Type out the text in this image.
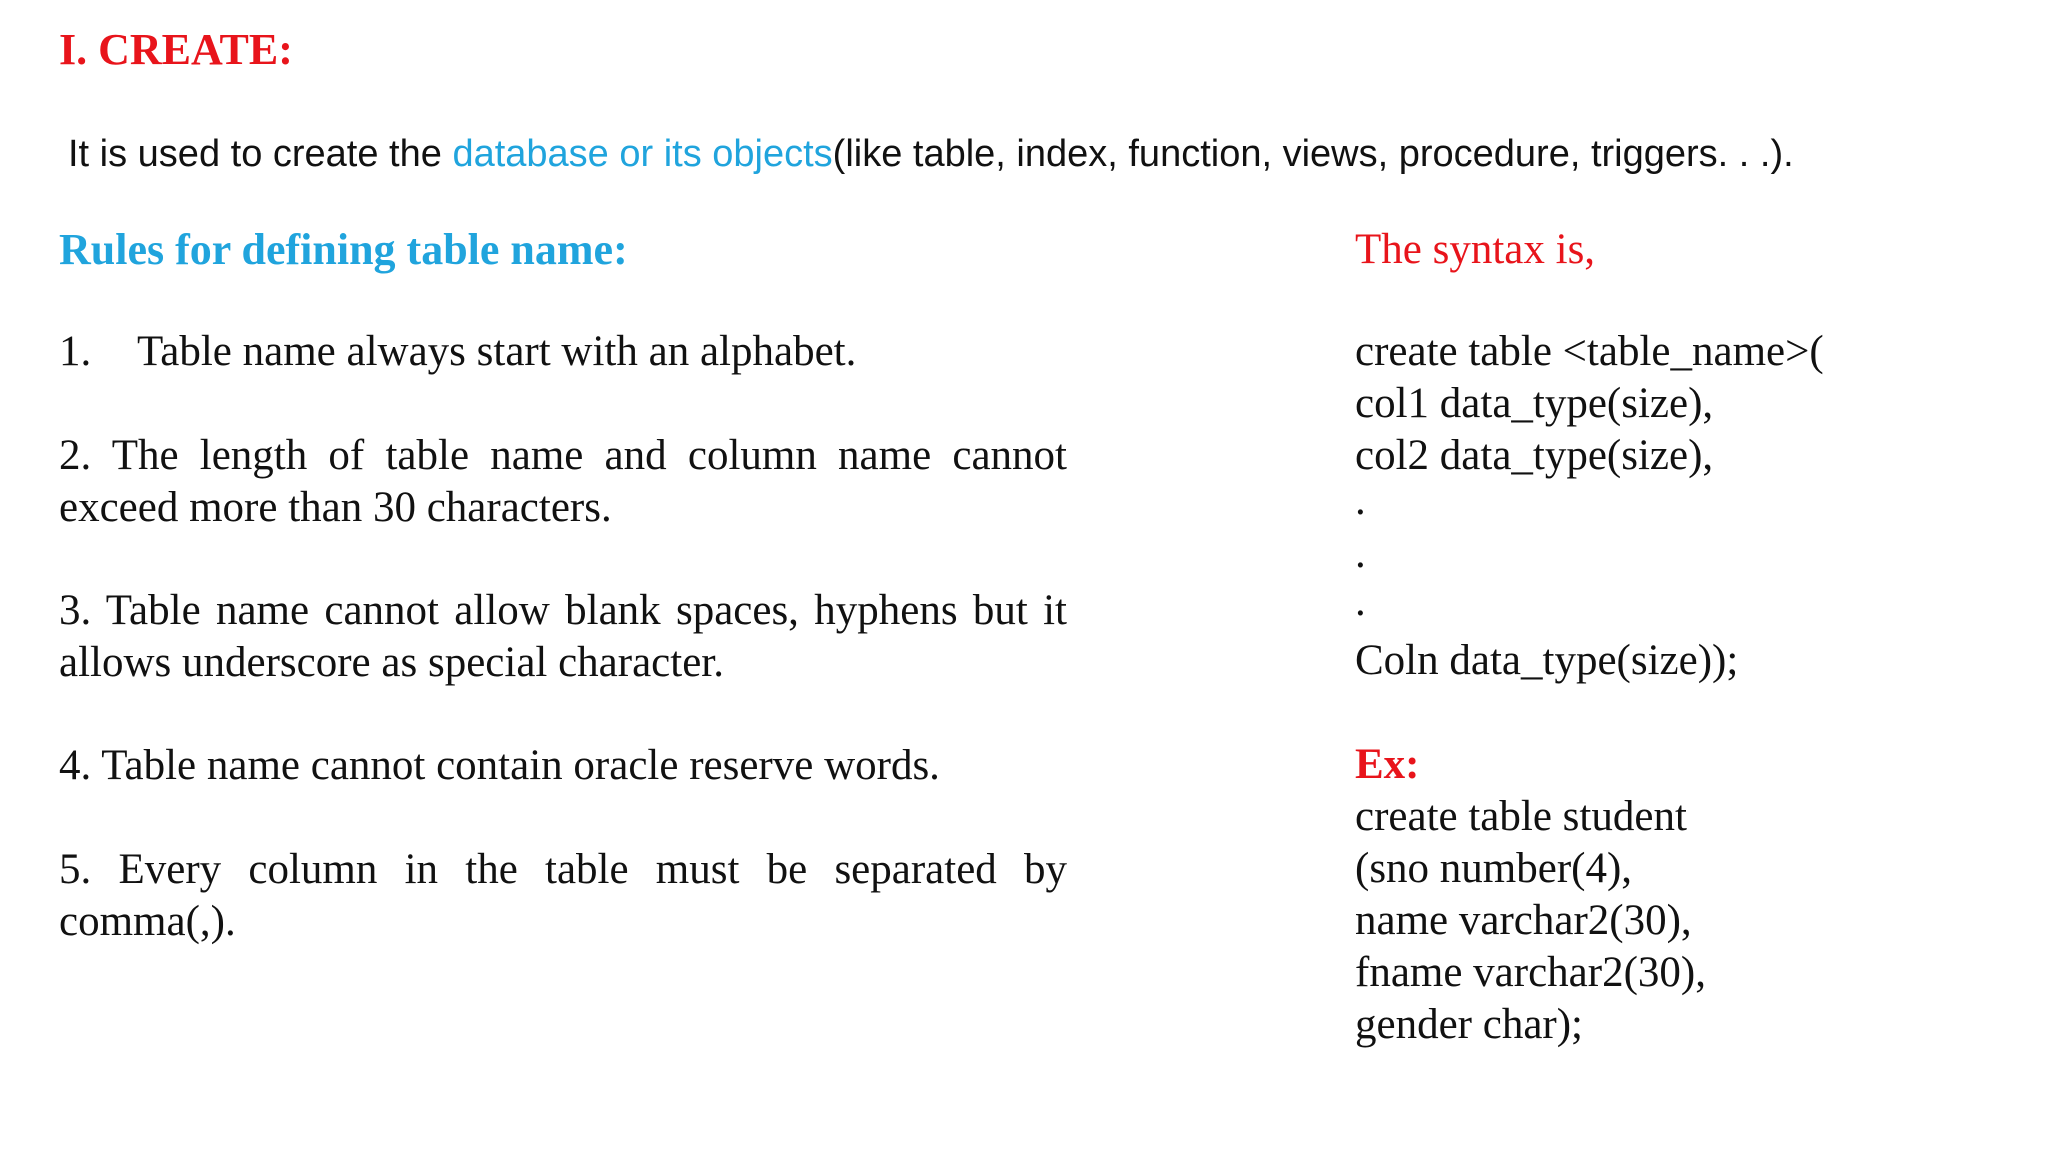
I. CREATE:

It is used to create the database or its objects(like table, index, function, views, procedure, triggers. . .).

Rules for defining table name:
1. Table name always start with an alphabet.
2. The length of table name and column name cannot exceed more than 30 characters.
3. Table name cannot allow blank spaces, hyphens but it allows underscore as special character.
4. Table name cannot contain oracle reserve words.
5. Every column in the table must be separated by comma(,).
The syntax is,
create table <table_name>(
col1 data_type(size),
col2 data_type(size),
.
.
.
Coln data_type(size));
Ex:
create table student
(sno number(4),
name varchar2(30),
fname varchar2(30),
gender char);
